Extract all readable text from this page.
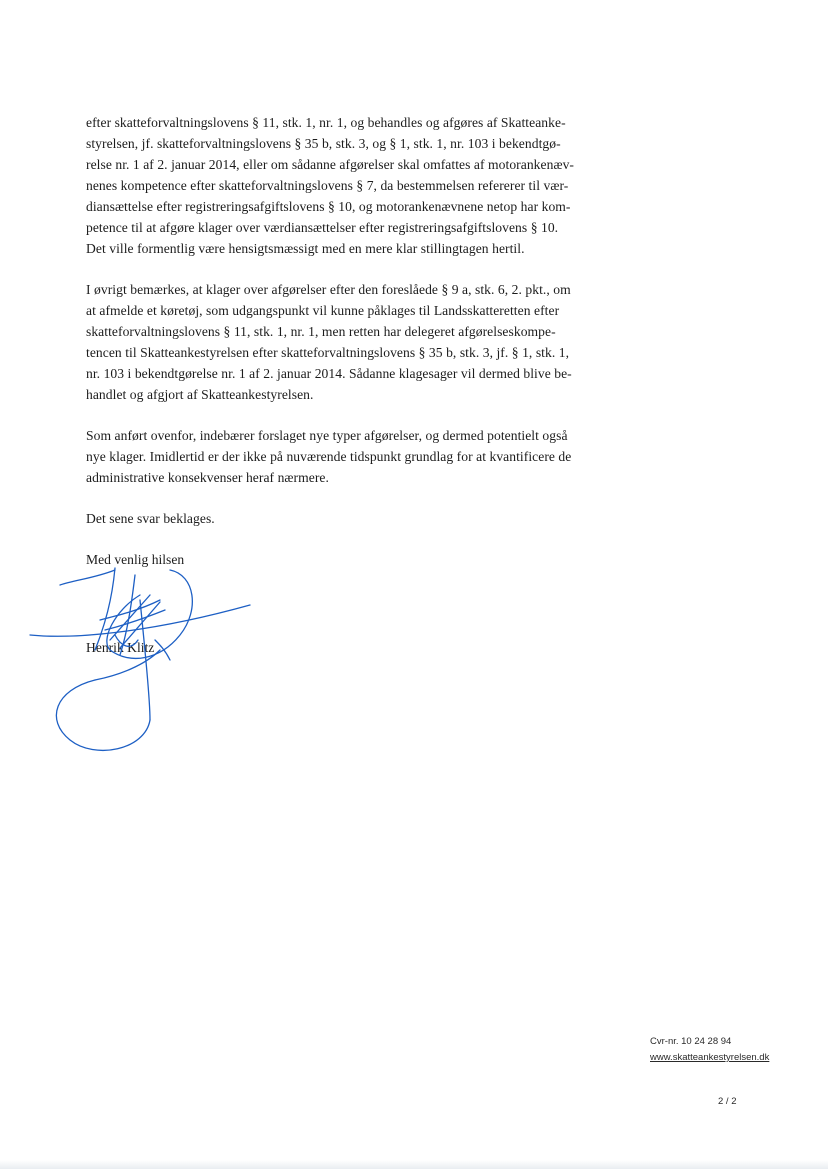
efter skatteforvaltningslovens § 11, stk. 1, nr. 1, og behandles og afgøres af Skatteanke-
styrelsen, jf. skatteforvaltningslovens § 35 b, stk. 3, og § 1, stk. 1, nr. 103 i bekendtgø-
relse nr. 1 af 2. januar 2014, eller om sådanne afgørelser skal omfattes af motorankenæv-
nenes kompetence efter skatteforvaltningslovens § 7, da bestemmelsen refererer til vær-
diansættelse efter registreringsafgiftslovens § 10, og motorankenævnene netop har kom-
petence til at afgøre klager over værdiansættelser efter registreringsafgiftslovens § 10.
Det ville formentlig være hensigtsmæssigt med en mere klar stillingtagen hertil.

I øvrigt bemærkes, at klager over afgørelser efter den foreslåede § 9 a, stk. 6, 2. pkt., om
at afmelde et køretøj, som udgangspunkt vil kunne påklages til Landsskatteretten efter
skatteforvaltningslovens § 11, stk. 1, nr. 1, men retten har delegeret afgørelseskompe-
tencen til Skatteankestyrelsen efter skatteforvaltningslovens § 35 b, stk. 3, jf. § 1, stk. 1,
nr. 103 i bekendtgørelse nr. 1 af 2. januar 2014. Sådanne klagesager vil dermed blive be-
handlet og afgjort af Skatteankestyrelsen.

Som anført ovenfor, indebærer forslaget nye typer afgørelser, og dermed potentielt også
nye klager. Imidlertid er der ikke på nuværende tidspunkt grundlag for at kvantificere de
administrative konsekvenser heraf nærmere.

Det sene svar beklages.

Med venlig hilsen
Henrik Klitz
Cvr-nr. 10 24 28 94
www.skatteankestyrelsen.dk
2 / 2
